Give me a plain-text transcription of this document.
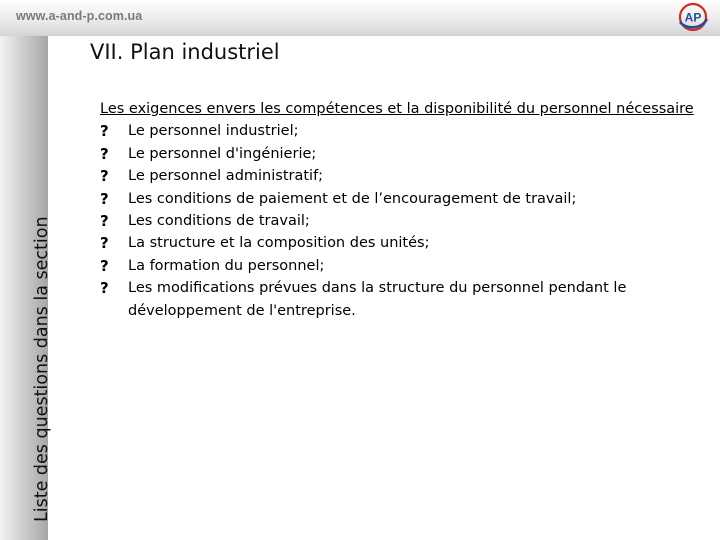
www.a-and-p.com.ua	AP
Liste des questions dans la section
VII. Plan industriel
Les exigences envers les compétences et la disponibilité du personnel nécessaire
?	Le personnel industriel;
?	Le personnel d'ingénierie;
?	Le personnel administratif;
?	Les conditions de paiement et de l’encouragement de travail;
?	Les conditions de travail;
?	La structure et la composition des unités;
?	La formation du personnel;
?	Les modifications prévues dans la structure du personnel pendant le développement de l'entreprise.
